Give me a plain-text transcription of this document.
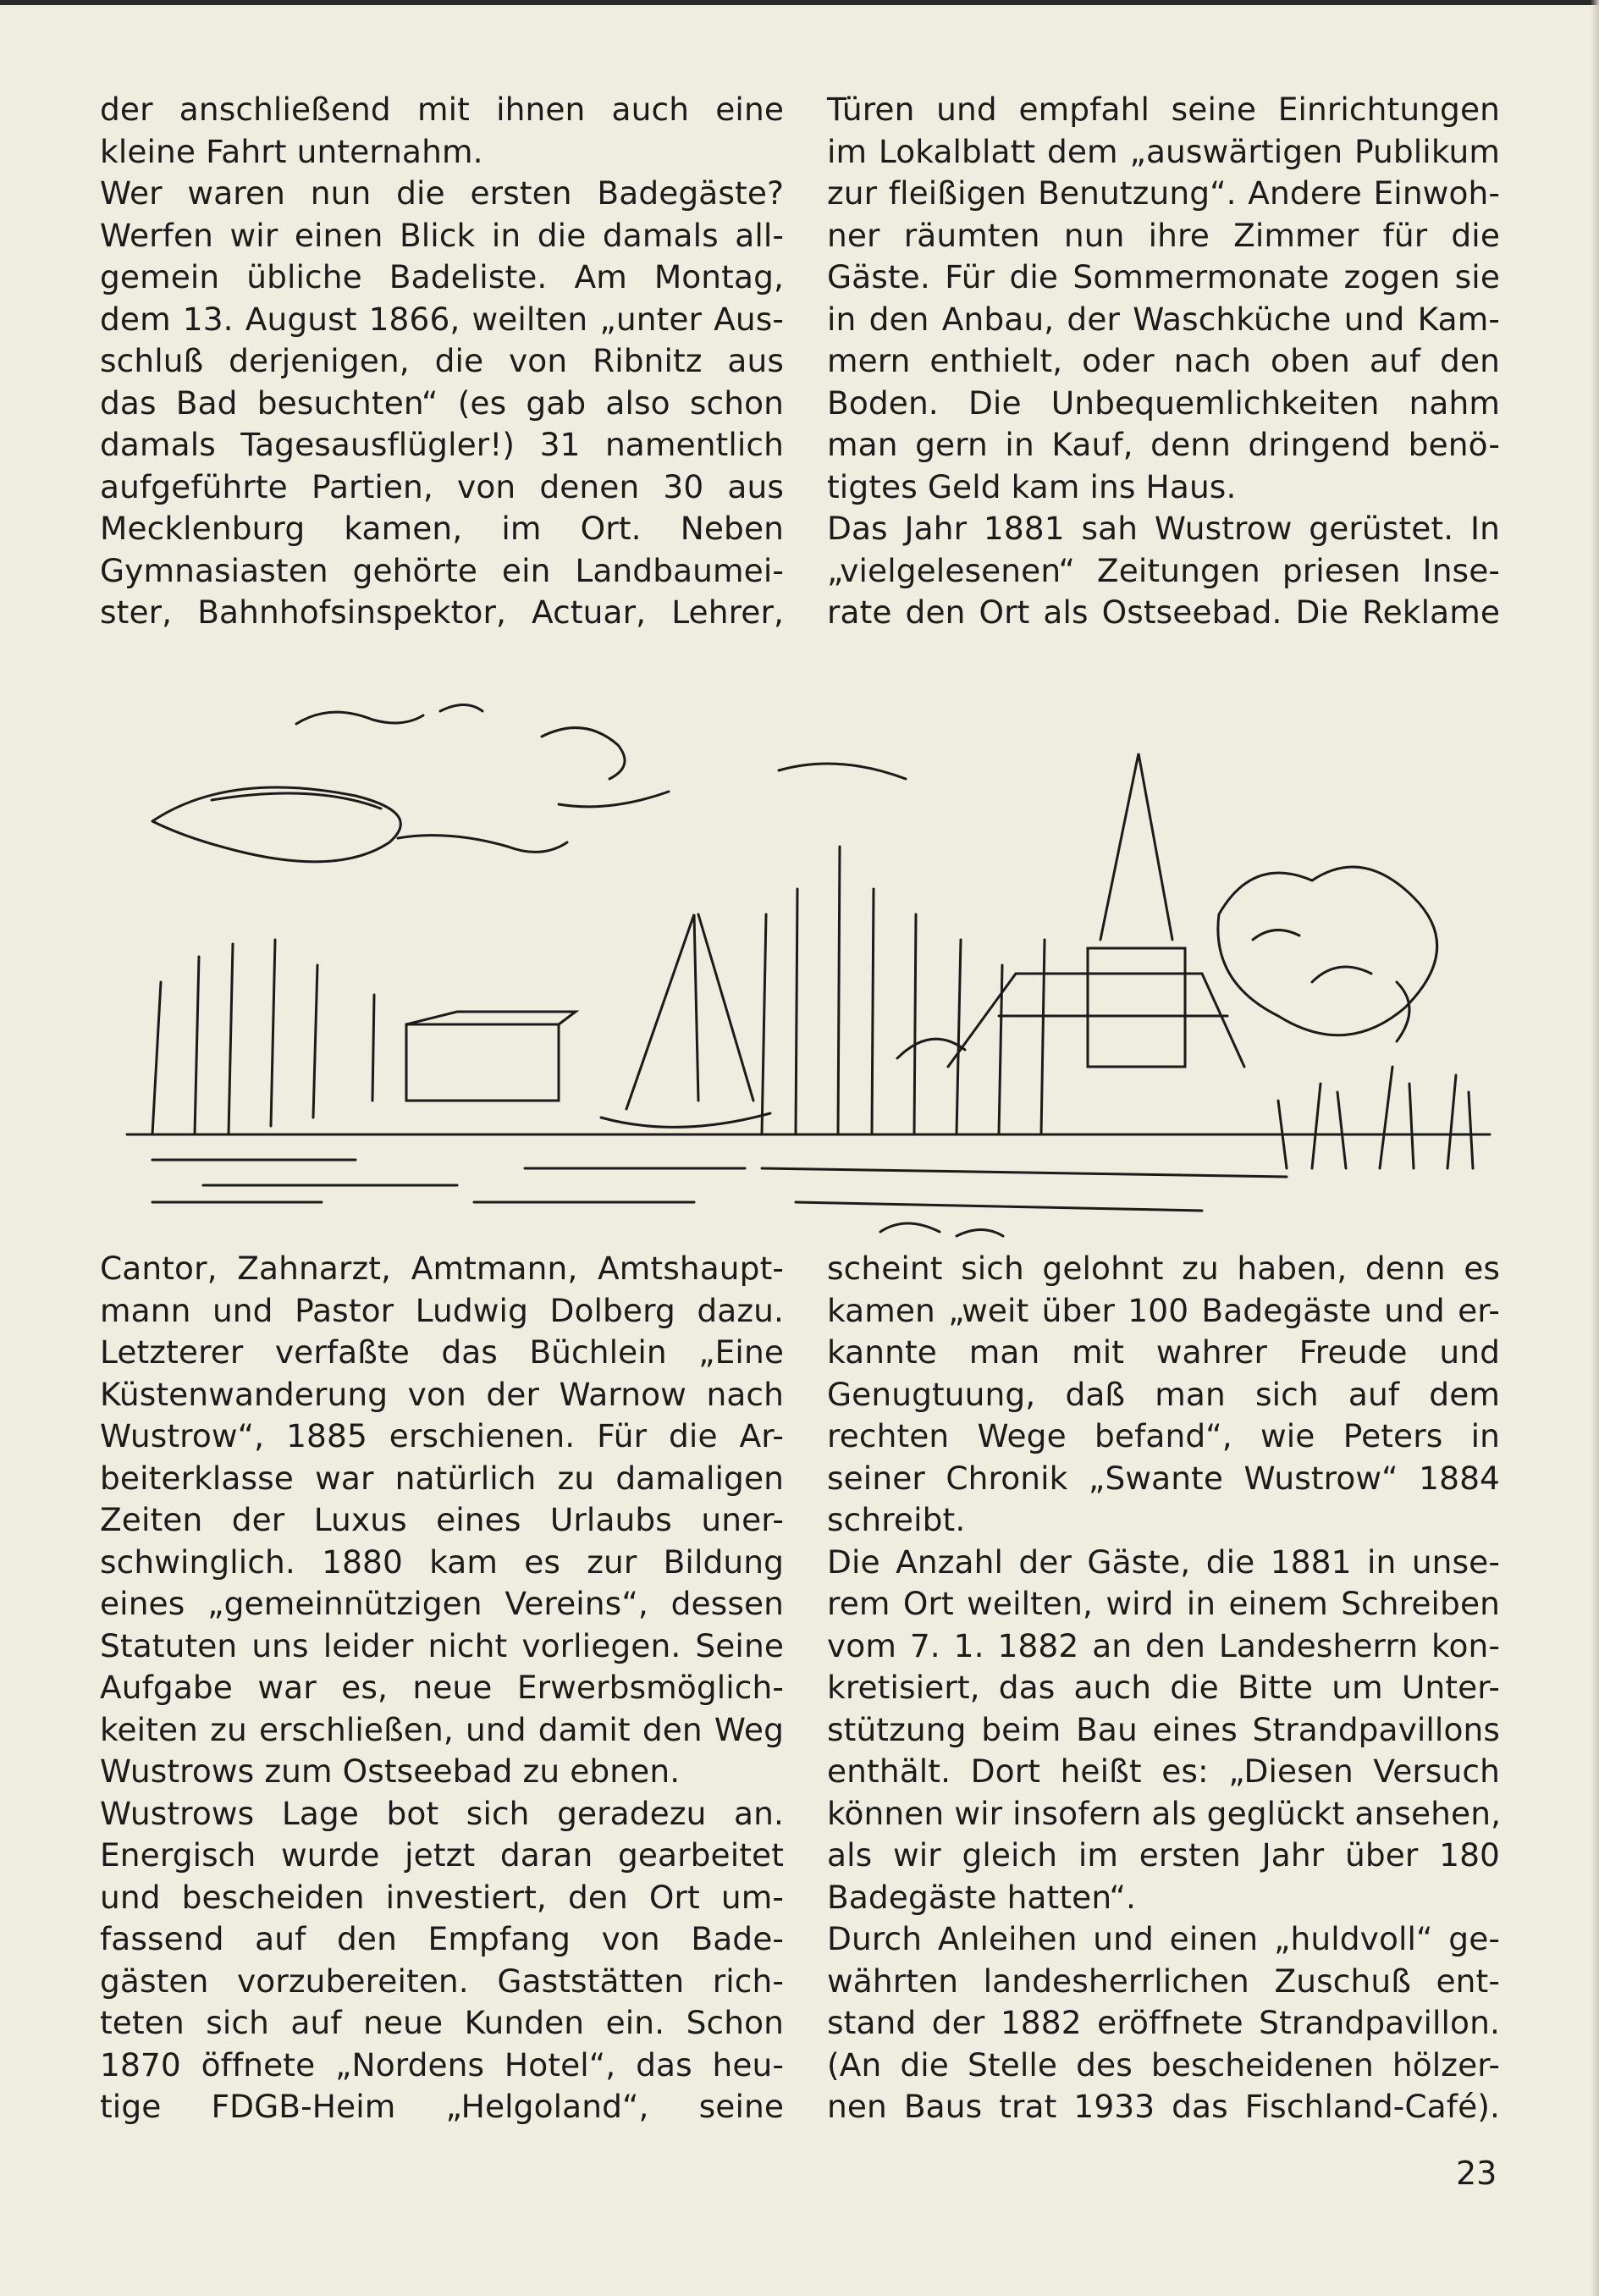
der anschließend mit ihnen auch eine
kleine Fahrt unternahm.
Wer waren nun die ersten Badegäste?
Werfen wir einen Blick in die damals all-
gemein übliche Badeliste. Am Montag,
dem 13. August 1866, weilten „unter Aus-
schluß derjenigen, die von Ribnitz aus
das Bad besuchten“ (es gab also schon
damals Tagesausflügler!) 31 namentlich
aufgeführte Partien, von denen 30 aus
Mecklenburg kamen, im Ort. Neben
Gymnasiasten gehörte ein Landbaumei-
ster, Bahnhofsinspektor, Actuar, Lehrer,
Türen und empfahl seine Einrichtungen
im Lokalblatt dem „auswärtigen Publikum
zur fleißigen Benutzung“. Andere Einwoh-
ner räumten nun ihre Zimmer für die
Gäste. Für die Sommermonate zogen sie
in den Anbau, der Waschküche und Kam-
mern enthielt, oder nach oben auf den
Boden. Die Unbequemlichkeiten nahm
man gern in Kauf, denn dringend benö-
tigtes Geld kam ins Haus.
Das Jahr 1881 sah Wustrow gerüstet. In
„vielgelesenen“ Zeitungen priesen Inse-
rate den Ort als Ostseebad. Die Reklame
Cantor, Zahnarzt, Amtmann, Amtshaupt-
mann und Pastor Ludwig Dolberg dazu.
Letzterer verfaßte das Büchlein „Eine
Küstenwanderung von der Warnow nach
Wustrow“, 1885 erschienen. Für die Ar-
beiterklasse war natürlich zu damaligen
Zeiten der Luxus eines Urlaubs uner-
schwinglich. 1880 kam es zur Bildung
eines „gemeinnützigen Vereins“, dessen
Statuten uns leider nicht vorliegen. Seine
Aufgabe war es, neue Erwerbsmöglich-
keiten zu erschließen, und damit den Weg
Wustrows zum Ostseebad zu ebnen.
Wustrows Lage bot sich geradezu an.
Energisch wurde jetzt daran gearbeitet
und bescheiden investiert, den Ort um-
fassend auf den Empfang von Bade-
gästen vorzubereiten. Gaststätten rich-
teten sich auf neue Kunden ein. Schon
1870 öffnete „Nordens Hotel“, das heu-
tige FDGB-Heim „Helgoland“, seine
scheint sich gelohnt zu haben, denn es
kamen „weit über 100 Badegäste und er-
kannte man mit wahrer Freude und
Genugtuung, daß man sich auf dem
rechten Wege befand“, wie Peters in
seiner Chronik „Swante Wustrow“ 1884
schreibt.
Die Anzahl der Gäste, die 1881 in unse-
rem Ort weilten, wird in einem Schreiben
vom 7. 1. 1882 an den Landesherrn kon-
kretisiert, das auch die Bitte um Unter-
stützung beim Bau eines Strandpavillons
enthält. Dort heißt es: „Diesen Versuch
können wir insofern als geglückt ansehen,
als wir gleich im ersten Jahr über 180
Badegäste hatten“.
Durch Anleihen und einen „huldvoll“ ge-
währten landesherrlichen Zuschuß ent-
stand der 1882 eröffnete Strandpavillon.
(An die Stelle des bescheidenen hölzer-
nen Baus trat 1933 das Fischland-Café).
23
